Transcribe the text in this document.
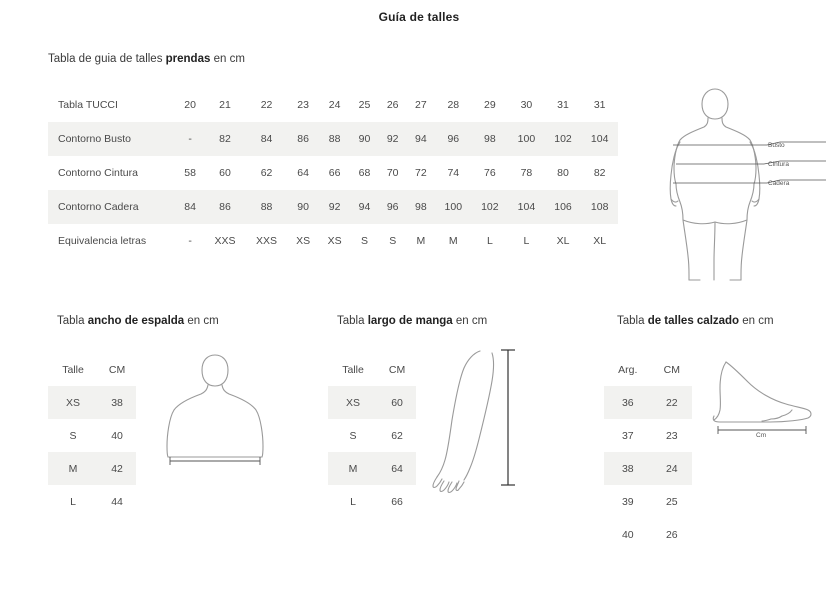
Guía de talles
Tabla de guia de talles prendas en cm
Tabla TUCCI	20	21	22	23	24	25	26	27	28	29	30	31	31
Contorno Busto	-	82	84	86	88	90	92	94	96	98	100	102	104
Contorno Cintura	58	60	62	64	66	68	70	72	74	76	78	80	82
Contorno Cadera	84	86	88	90	92	94	96	98	100	102	104	106	108
Equivalencia letras	-	XXS	XXS	XS	XS	S	S	M	M	L	L	XL	XL
Busto
Cintura
Cadera
Tabla ancho de espalda en cm	Tabla largo de manga en cm	Tabla de talles calzado en cm
Talle	CM
XS	38
S	40
M	42
L	44
Talle	CM
XS	60
S	62
M	64
L	66
Arg.	CM
36	22
37	23
38	24
39	25
40	26
Cm
